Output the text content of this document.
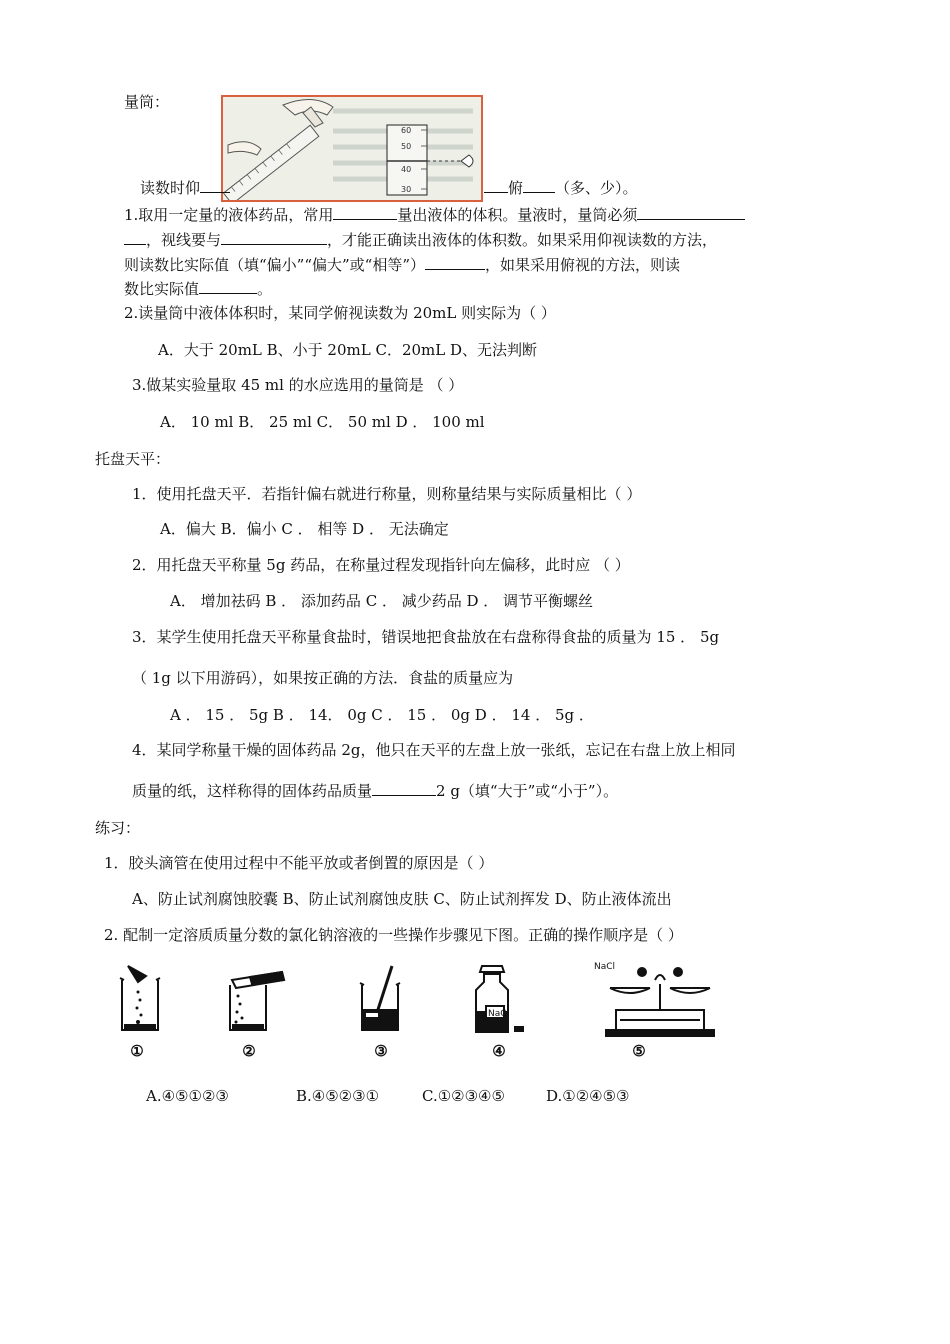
量筒：
60
50
40
30
读数时仰	俯 （多、少）。
1.取用一定量的液体药品，常用	量出液体的体积。量液时，量筒必须
，视线要与	，才能正确读出液体的体积数。如果采用仰视读数的方法，
则读数比实际值（填“偏小”“偏大”或“相等”）	，如果采用俯视的方法，则读
数比实际值	。
2.读量筒中液体体积时，某同学俯视读数为 20mL 则实际为（ ）
A．大于 20mL B、小于 20mL C．20mL D、无法判断
3.做某实验量取 45 ml 的水应选用的量筒是 （ ）
A． 10 ml B． 25 ml C． 50 ml D ． 100 ml
托盘天平：
1．使用托盘天平．若指针偏右就进行称量，则称量结果与实际质量相比（ ）
A．偏大 B．偏小 C ． 相等 D ． 无法确定
2．用托盘天平称量 5g 药品，在称量过程发现指针向左偏移，此时应 （ ）
A． 增加祛码 B ． 添加药品 C ． 减少药品 D ． 调节平衡螺丝
3．某学生使用托盘天平称量食盐时，错误地把食盐放在右盘称得食盐的质量为 15 ． 5g
（ 1g 以下用游码），如果按正确的方法．食盐的质量应为
A ． 15 ． 5g B ． 14． 0g C ． 15 ． 0g D ． 14 ． 5g ．
4．某同学称量干燥的固体药品 2g，他只在天平的左盘上放一张纸，忘记在右盘上放上相同
质量的纸，这样称得的固体药品质量	2 g（填“大于”或“小于”）。
练习：
1．胶头滴管在使用过程中不能平放或者倒置的原因是（ ）
A、防止试剂腐蚀胶囊 B、防止试剂腐蚀皮肤 C、防止试剂挥发 D、防止液体流出
2. 配制一定溶质质量分数的氯化钠溶液的一些操作步骤见下图。正确的操作顺序是（ ）
NaCl
NaCl
①	②	③	④	⑤
A.④⑤①②③	B.④⑤②③①	C.①②③④⑤	D.①②④⑤③
